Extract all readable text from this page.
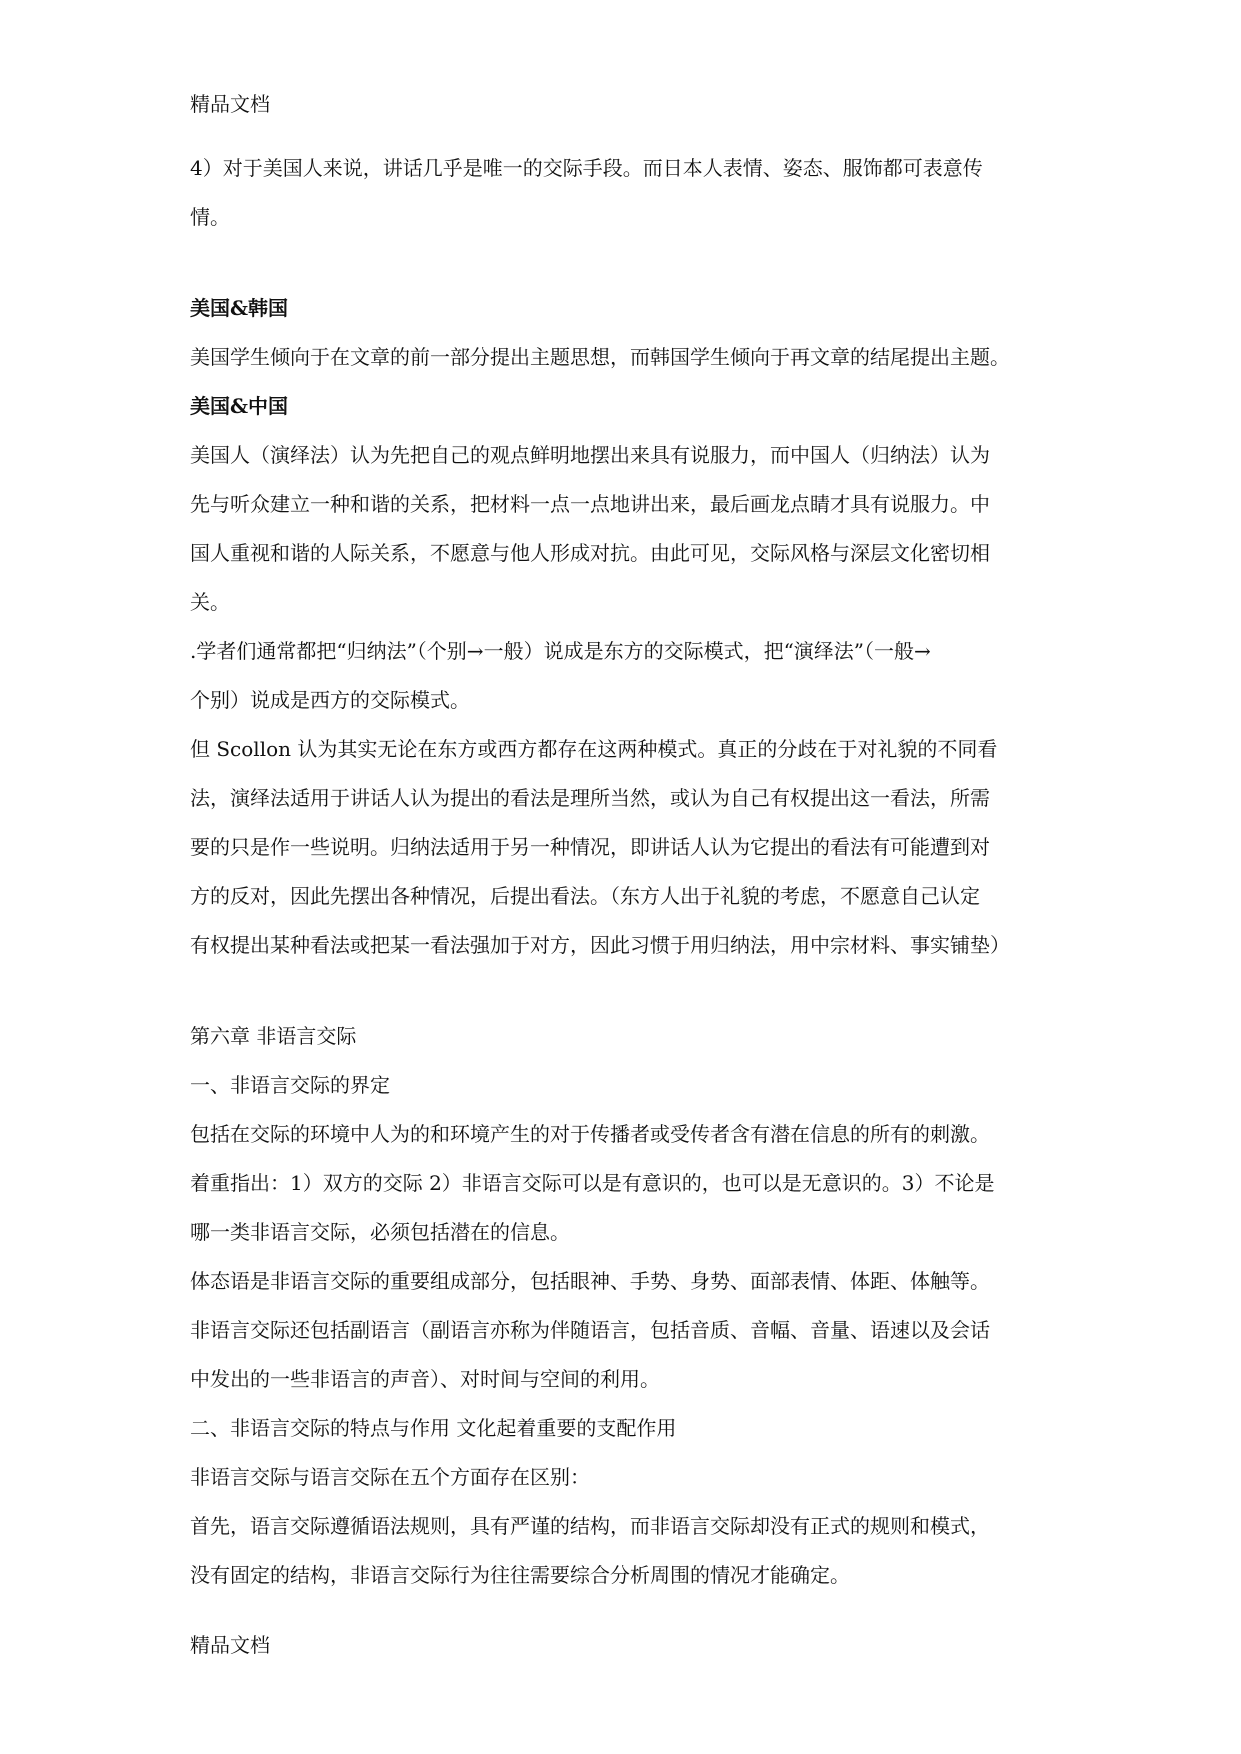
精品文档
4）对于美国人来说，讲话几乎是唯一的交际手段。而日本人表情、姿态、服饰都可表意传
情。
美国&韩国
美国学生倾向于在文章的前一部分提出主题思想，而韩国学生倾向于再文章的结尾提出主题。
美国&中国
美国人（演绎法）认为先把自己的观点鲜明地摆出来具有说服力，而中国人（归纳法）认为
先与听众建立一种和谐的关系，把材料一点一点地讲出来，最后画龙点睛才具有说服力。中
国人重视和谐的人际关系，不愿意与他人形成对抗。由此可见，交际风格与深层文化密切相
关。
.学者们通常都把“归纳法”（个别→一般）说成是东方的交际模式，把“演绎法”（一般→
个别）说成是西方的交际模式。
但 Scollon 认为其实无论在东方或西方都存在这两种模式。真正的分歧在于对礼貌的不同看
法，演绎法适用于讲话人认为提出的看法是理所当然，或认为自己有权提出这一看法，所需
要的只是作一些说明。归纳法适用于另一种情况，即讲话人认为它提出的看法有可能遭到对
方的反对，因此先摆出各种情况，后提出看法。（东方人出于礼貌的考虑，不愿意自己认定
有权提出某种看法或把某一看法强加于对方，因此习惯于用归纳法，用中宗材料、事实铺垫）
第六章 非语言交际
一、非语言交际的界定
包括在交际的环境中人为的和环境产生的对于传播者或受传者含有潜在信息的所有的刺激。
着重指出：1）双方的交际 2）非语言交际可以是有意识的，也可以是无意识的。3）不论是
哪一类非语言交际，必须包括潜在的信息。
体态语是非语言交际的重要组成部分，包括眼神、手势、身势、面部表情、体距、体触等。
非语言交际还包括副语言（副语言亦称为伴随语言，包括音质、音幅、音量、语速以及会话
中发出的一些非语言的声音）、对时间与空间的利用。
二、非语言交际的特点与作用 文化起着重要的支配作用
非语言交际与语言交际在五个方面存在区别：
首先，语言交际遵循语法规则，具有严谨的结构，而非语言交际却没有正式的规则和模式，
没有固定的结构，非语言交际行为往往需要综合分析周围的情况才能确定。
精品文档
